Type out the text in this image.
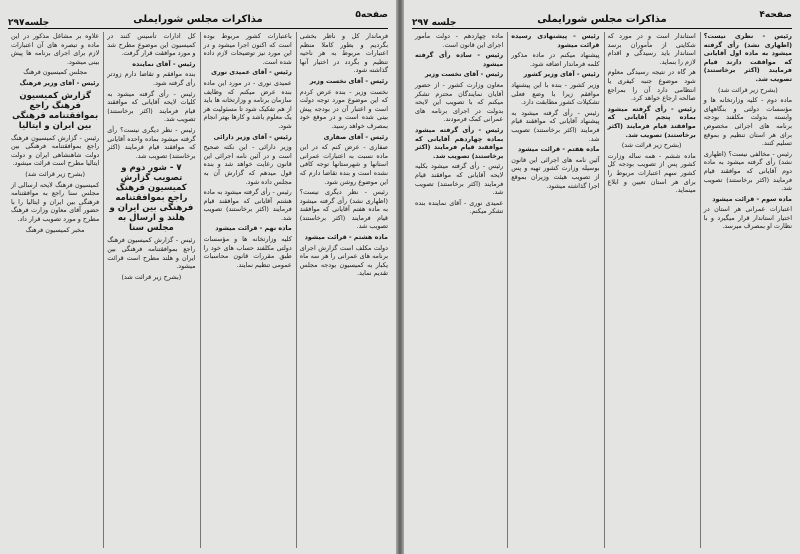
صفحه۵
مذاکرات مجلس شورایملی
جلسه۲۹۷

فرماندار کل و ناظر بخشی بگردیم و بطور کاملا منظم اعتبارات مربوط به هر ناحیه تنظیم و بگردد در اختیار آنها گذاشته شود.

رئیس - آقای نخست وزیر

نخست وزیر - بنده عرض کردم که این موضوع مورد توجه دولت است و اعتبار آن در بودجه پیش بینی شده است و در موقع خود بمصرف خواهد رسید.

رئیس - آقای صفاری

صفاری - عرض کنم که در این ماده نسبت به اعتبارات عمرانی استانها و شهرستانها توجه کافی نشده است و بنده تقاضا دارم که این موضوع روشن شود.

رئیس - نظر دیگری نیست؟ (اظهاری نشد) رأی گرفته میشود به ماده هفتم آقایانی که موافقند قیام فرمایند (اکثر برخاستند) تصویب شد.

ماده هشتم - قرائت میشود

دولت مکلف است گزارش اجرای برنامه های عمرانی را هر سه ماه یکبار به کمیسیون بودجه مجلس تقدیم نماید.

باعتبارات کشور مربوط بوده است که اکنون اجرا میشود و در این مورد نیز توضیحات لازم داده شده است.

رئیس - آقای عمیدی نوری

عمیدی نوری - در مورد این ماده بنده عرض میکنم که وظایف سازمان برنامه و وزارتخانه ها باید از هم تفکیک شود تا مسئولیت هر یک معلوم باشد و کارها بهتر انجام شود.

رئیس - آقای وزیر دارائی

وزیر دارائی - این نکته صحیح است و در آئین نامه اجرائی این قانون رعایت خواهد شد و بنده قول میدهم که گزارش آن به مجلس داده شود.

رئیس - رأی گرفته میشود به ماده هشتم آقایانی که موافقند قیام فرمایند (اکثر برخاستند) تصویب شد.

ماده نهم - قرائت میشود

کلیه وزارتخانه ها و مؤسسات دولتی مکلفند حساب های خود را طبق مقررات قانون محاسبات عمومی تنظیم نمایند.

کل ادارات تأسیس کنند در کمیسیون این موضوع مطرح شد و مورد موافقت قرار گرفت.

رئیس - آقای نماینده

بنده موافقم و تقاضا دارم زودتر رأی گرفته شود.

رئیس - رأی گرفته میشود به کلیات لایحه آقایانی که موافقند قیام فرمایند (اکثر برخاستند) تصویب شد.

رئیس - نظر دیگری نیست؟ رأی گرفته میشود بماده واحده آقایانی که موافقند قیام فرمایند (اکثر برخاستند) تصویب شد.

۷ - شور دوم و تصویب گزارش کمیسیون فرهنگ راجع بموافقتنامه فرهنگی بین ایران و هلند و ارسال به مجلس سنا

رئیس - گزارش کمیسیون فرهنگ راجع بموافقتنامه فرهنگی بین ایران و هلند مطرح است قرائت میشود.

(بشرح زیر قرائت شد)

علاوه بر مشاغل مذکور در این ماده و تبصره های آن اعتبارات لازم برای اجرای برنامه ها پیش بینی میشود.

مجلس کمیسیون فرهنگ

رئیس - آقای وزیر فرهنگ

گزارش کمیسیون فرهنگ راجع بموافقتنامه فرهنگی بین ایران و ایتالیا

رئیس - گزارش کمیسیون فرهنگ راجع بموافقتنامه فرهنگی بین دولت شاهنشاهی ایران و دولت ایتالیا مطرح است قرائت میشود.

(بشرح زیر قرائت شد)

کمیسیون فرهنگ لایحه ارسالی از مجلس سنا راجع به موافقتنامه فرهنگی بین ایران و ایتالیا را با حضور آقای معاون وزارت فرهنگ مطرح و مورد تصویب قرار داد.

مخبر کمیسیون فرهنگ

صفحه۴
مذاکرات مجلس شورایملی
جلسه ۲۹۷

رئیس - نظری نیست؟ (اظهاری نشد) رأی گرفته میشود به ماده اول آقایانی که موافقت دارند قیام فرمایند (اکثر برخاستند) تصویب شد.

(بشرح زیر قرائت شد)

ماده دوم - کلیه وزارتخانه ها و مؤسسات دولتی و بنگاههای وابسته بدولت مکلفند بودجه برنامه های اجرائی مخصوص برای هر استان تنظیم و بموقع تسلیم کنند.

رئیس - مخالفی نیست؟ (اظهاری نشد) رأی گرفته میشود به ماده دوم آقایانی که موافقند قیام فرمایند (اکثر برخاستند) تصویب شد.

ماده سوم - قرائت میشود

اعتبارات عمرانی هر استان در اختیار استاندار قرار میگیرد و با نظارت او بمصرف میرسد.

استاندار است و در مورد که شکایتی از مأموران برسد استاندار باید رسیدگی و اقدام لازم را بنماید.

هر گاه در نتیجه رسیدگی معلوم شود موضوع جنبه کیفری یا انتظامی دارد آن را بمراجع صالحه ارجاع خواهد کرد.

رئیس - رأی گرفته میشود بماده پنجم آقایانی که موافقند قیام فرمایند (اکثر برخاستند) تصویب شد.

(بشرح زیر قرائت شد)

ماده ششم - همه ساله وزارت کشور پس از تصویب بودجه کل کشور سهم اعتبارات مربوط را برای هر استان تعیین و ابلاغ مینماید.

رئیس - پیشنهادی رسیده قرائت میشود

پیشنهاد میکنم در ماده مذکور کلمه فرماندار اضافه شود.

رئیس - آقای وزیر کشور

وزیر کشور - بنده با این پیشنهاد موافقم زیرا با وضع فعلی تشکیلات کشور مطابقت دارد.

رئیس - رأی گرفته میشود به پیشنهاد آقایانی که موافقند قیام فرمایند (اکثر برخاستند) تصویب شد.

ماده هفتم - قرائت میشود

آئین نامه های اجرائی این قانون بوسیله وزارت کشور تهیه و پس از تصویب هیئت وزیران بموقع اجرا گذاشته میشود.

ماده چهاردهم - دولت مأمور اجرای این قانون است.

رئیس - ساده رأی گرفته میشود

رئیس - آقای نخست وزیر

معاون وزارت کشور - از حضور آقایان نمایندگان محترم تشکر میکنم که با تصویب این لایحه بدولت در اجرای برنامه های عمرانی کمک فرمودند.

رئیس - رأی گرفته میشود بماده چهاردهم آقایانی که موافقند قیام فرمایند (اکثر برخاستند) تصویب شد.

رئیس - رأی گرفته میشود بکلیه لایحه آقایانی که موافقند قیام فرمایند (اکثر برخاستند) تصویب شد.

عمیدی نوری - آقای نماینده بنده تشکر میکنم.
